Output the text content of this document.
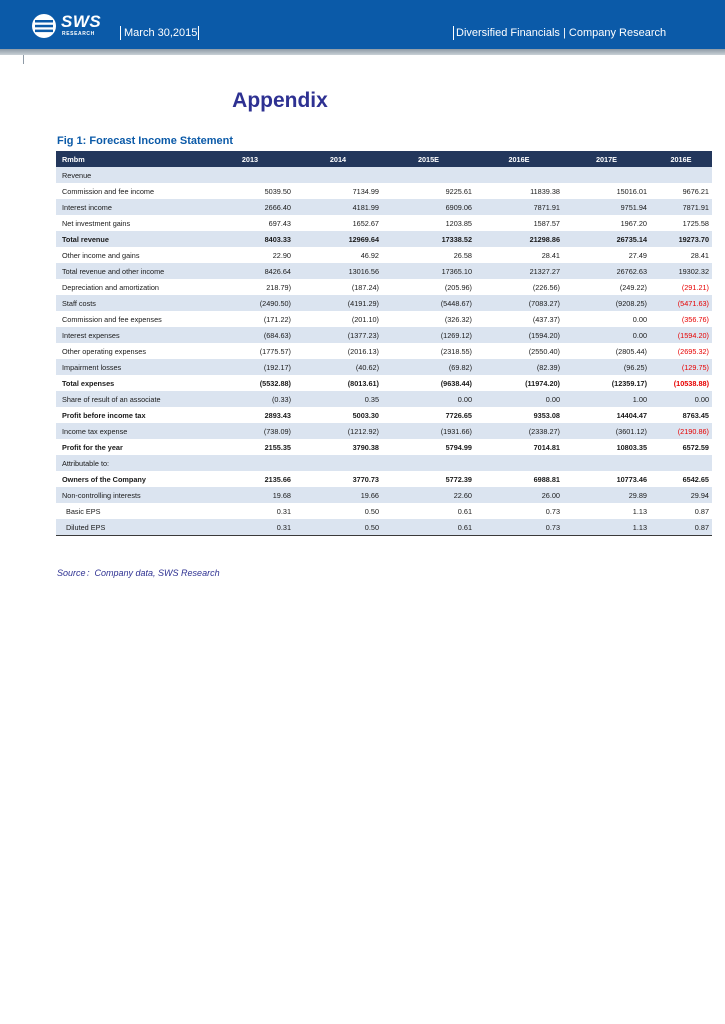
SWS
RESEARCH	March 30,2015	Diversified Financials | Company Research
Appendix
Fig 1: Forecast Income Statement
Rmbm	2013	2014	2015E	2016E	2017E	2016E
Revenue						
Commission and fee income	5039.50	7134.99	9225.61	11839.38	15016.01	9676.21
Interest income	2666.40	4181.99	6909.06	7871.91	9751.94	7871.91
Net investment gains	697.43	1652.67	1203.85	1587.57	1967.20	1725.58
Total revenue	8403.33	12969.64	17338.52	21298.86	26735.14	19273.70
Other income and gains	22.90	46.92	26.58	28.41	27.49	28.41
Total revenue and other income	8426.64	13016.56	17365.10	21327.27	26762.63	19302.32
Depreciation and amortization	218.79)	(187.24)	(205.96)	(226.56)	(249.22)	(291.21)
Staff costs	(2490.50)	(4191.29)	(5448.67)	(7083.27)	(9208.25)	(5471.63)
Commission and fee expenses	(171.22)	(201.10)	(326.32)	(437.37)	0.00	(356.76)
Interest expenses	(684.63)	(1377.23)	(1269.12)	(1594.20)	0.00	(1594.20)
Other operating expenses	(1775.57)	(2016.13)	(2318.55)	(2550.40)	(2805.44)	(2695.32)
Impairment losses	(192.17)	(40.62)	(69.82)	(82.39)	(96.25)	(129.75)
Total expenses	(5532.88)	(8013.61)	(9638.44)	(11974.20)	(12359.17)	(10538.88)
Share of result of an associate	(0.33)	0.35	0.00	0.00	1.00	0.00
Profit before income tax	2893.43	5003.30	7726.65	9353.08	14404.47	8763.45
Income tax expense	(738.09)	(1212.92)	(1931.66)	(2338.27)	(3601.12)	(2190.86)
Profit for the year	2155.35	3790.38	5794.99	7014.81	10803.35	6572.59
Attributable to:						
Owners of the Company	2135.66	3770.73	5772.39	6988.81	10773.46	6542.65
Non-controlling interests	19.68	19.66	22.60	26.00	29.89	29.94
Basic EPS	0.31	0.50	0.61	0.73	1.13	0.87
Diluted EPS	0.31	0.50	0.61	0.73	1.13	0.87
Source：Company data, SWS Research
